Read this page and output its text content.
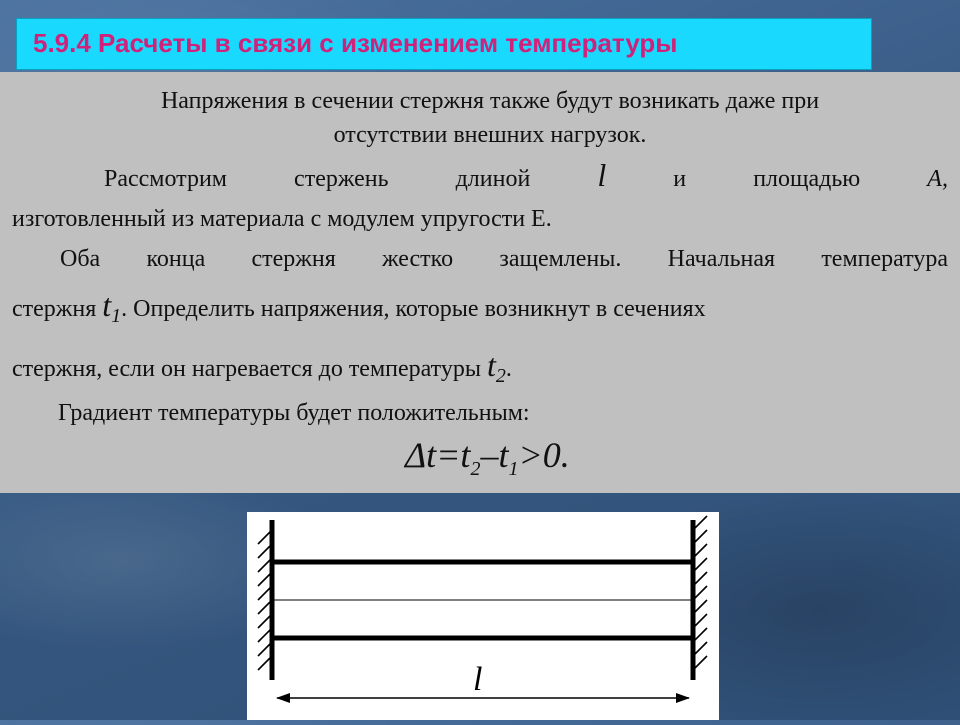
5.9.4 Расчеты в связи с изменением температуры
Напряжения в сечении стержня также будут возникать даже при
отсутствии внешних нагрузок.
Рассмотрим	стержень	длиной l	и	площадью	A,
изготовленный из материала с модулем упругости E.
Оба конца стержня жестко защемлены. Начальная температура
стержня $t_1$. Определить напряжения, которые возникнут в сечениях
стержня, если он нагревается до температуры $t_2$.
Градиент температуры будет положительным:
$\Delta t=t_2-t_1>0$.
l
